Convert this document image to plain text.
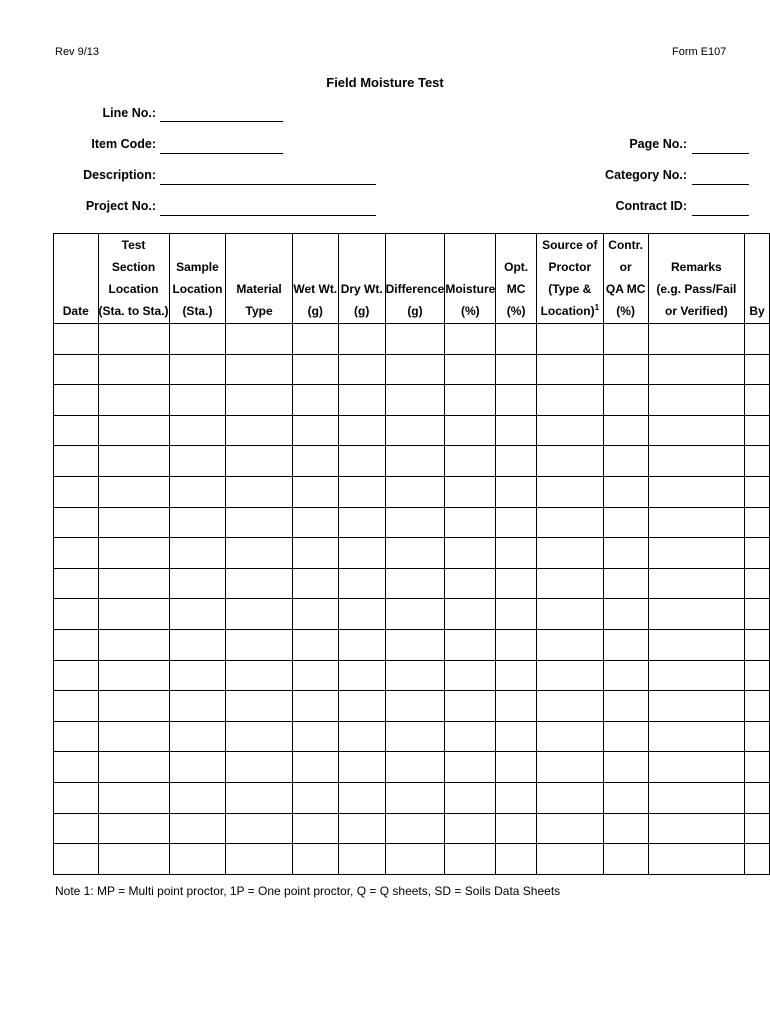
Rev 9/13	Form E107
Field Moisture Test
Line No.:
Item Code:
Description:
Project No.:
Page No.:
Category No.:
Contract ID:
Date	Test
Section
Location
(Sta. to Sta.)	Sample
Location
(Sta.)	Material
Type	Wet Wt.
(g)	Dry Wt.
(g)	Difference
(g)	Moisture
(%)	Opt.
MC
(%)	Source of
Proctor
(Type &
Location)$^1$	Contr.
or
QA MC
(%)	Remarks
(e.g. Pass/Fail
or Verified)	By

Note 1: MP = Multi point proctor, 1P = One point proctor, Q = Q sheets, SD = Soils Data Sheets
